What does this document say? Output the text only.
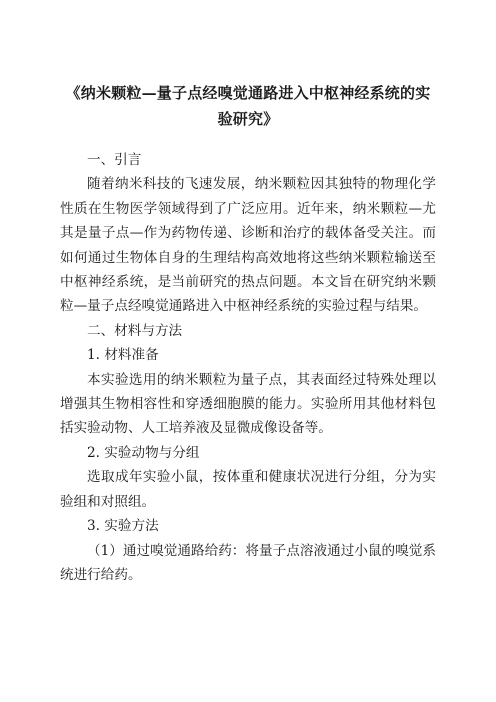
《纳米颗粒—量子点经嗅觉通路进入中枢神经系统的实验研究》

一、引言

随着纳米科技的飞速发展，纳米颗粒因其独特的物理化学性质在生物医学领域得到了广泛应用。近年来，纳米颗粒—尤其是量子点—作为药物传递、诊断和治疗的载体备受关注。而如何通过生物体自身的生理结构高效地将这些纳米颗粒输送至中枢神经系统，是当前研究的热点问题。本文旨在研究纳米颗粒—量子点经嗅觉通路进入中枢神经系统的实验过程与结果。

二、材料与方法

1. 材料准备

本实验选用的纳米颗粒为量子点，其表面经过特殊处理以增强其生物相容性和穿透细胞膜的能力。实验所用其他材料包括实验动物、人工培养液及显微成像设备等。

2. 实验动物与分组

选取成年实验小鼠，按体重和健康状况进行分组，分为实验组和对照组。

3. 实验方法

（1）通过嗅觉通路给药：将量子点溶液通过小鼠的嗅觉系统进行给药。
